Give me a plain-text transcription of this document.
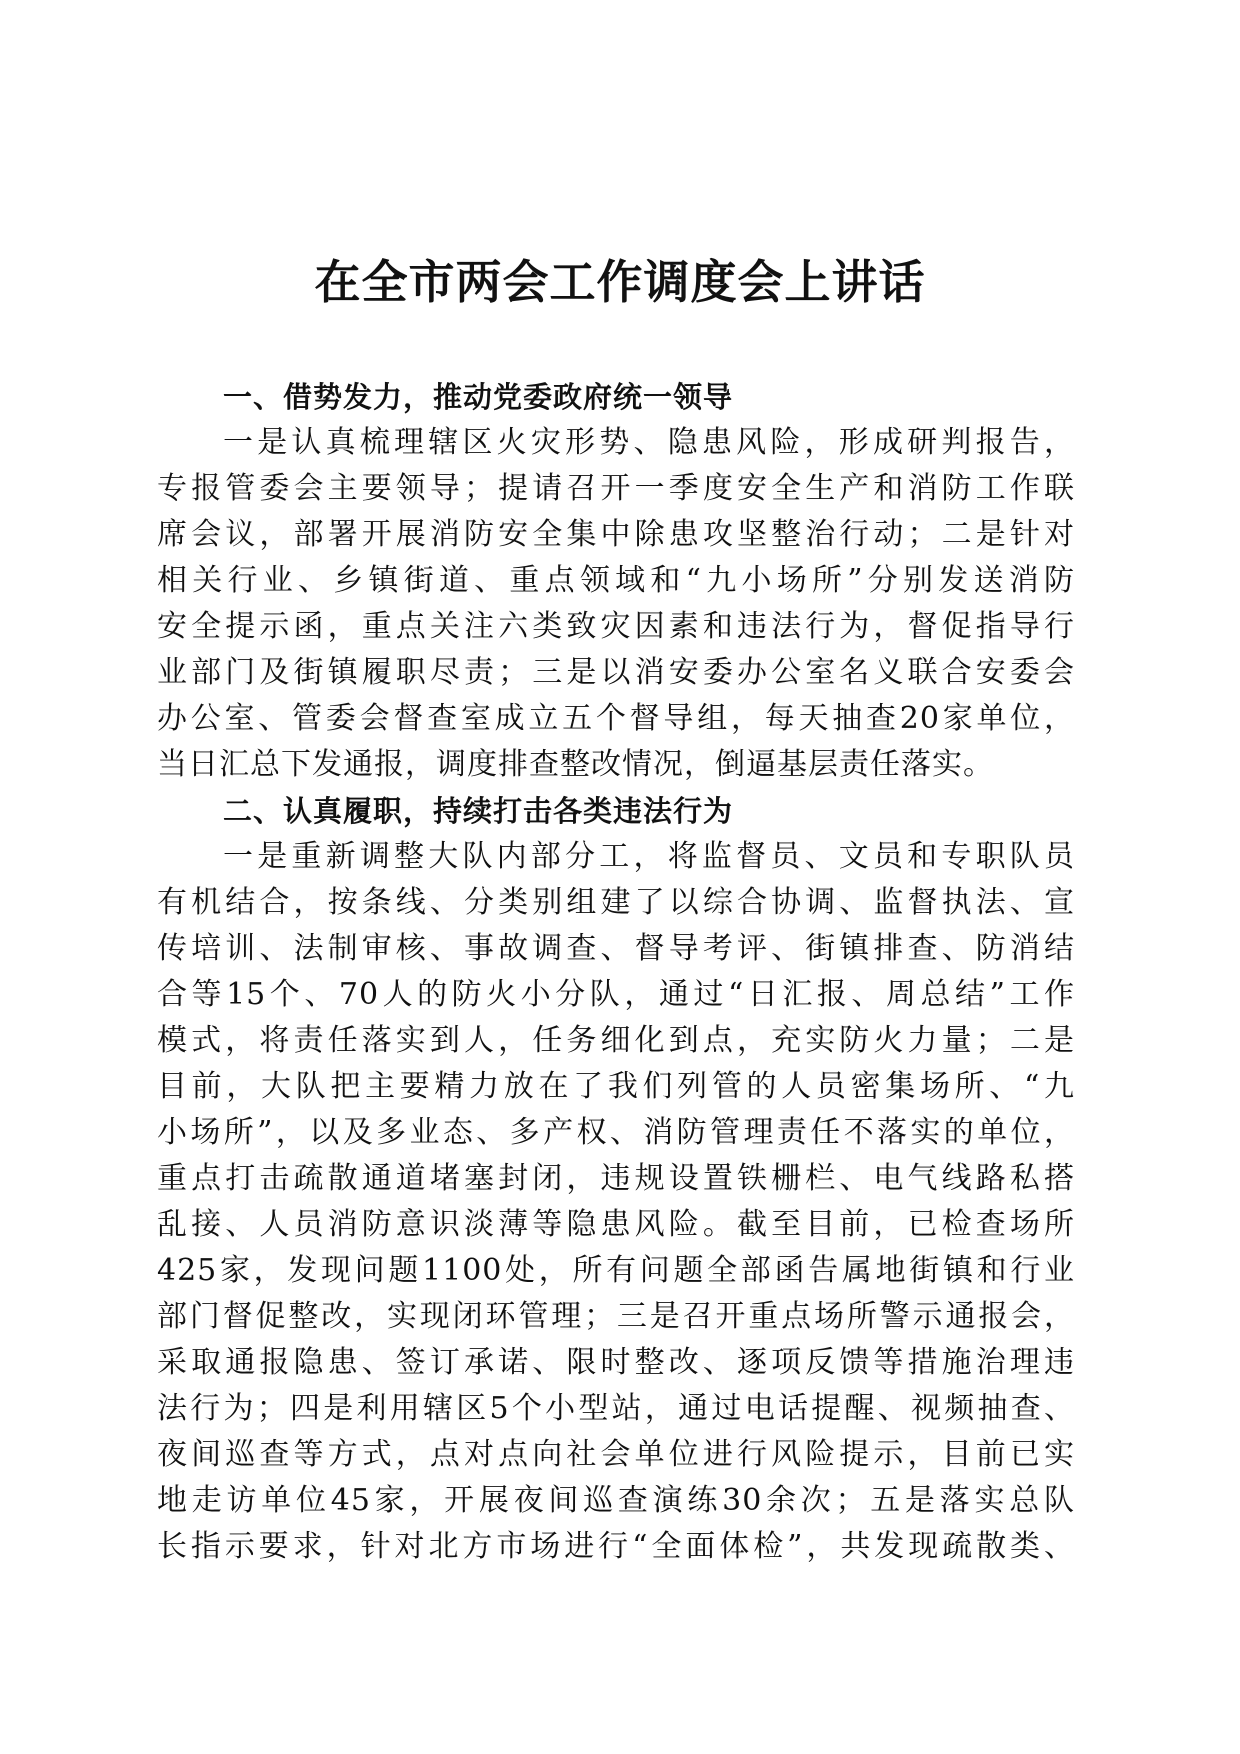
在全市两会工作调度会上讲话
一、借势发力，推动党委政府统一领导
一是认真梳理辖区火灾形势、隐患风险，形成研判报告，
专报管委会主要领导；提请召开一季度安全生产和消防工作联
席会议，部署开展消防安全集中除患攻坚整治行动；二是针对
相关行业、乡镇街道、重点领域和“九小场所”分别发送消防
安全提示函，重点关注六类致灾因素和违法行为，督促指导行
业部门及街镇履职尽责；三是以消安委办公室名义联合安委会
办公室、管委会督查室成立五个督导组，每天抽查20家单位，
当日汇总下发通报，调度排查整改情况，倒逼基层责任落实。
二、认真履职，持续打击各类违法行为
一是重新调整大队内部分工，将监督员、文员和专职队员
有机结合，按条线、分类别组建了以综合协调、监督执法、宣
传培训、法制审核、事故调查、督导考评、街镇排查、防消结
合等15个、70人的防火小分队，通过“日汇报、周总结”工作
模式，将责任落实到人，任务细化到点，充实防火力量；二是
目前，大队把主要精力放在了我们列管的人员密集场所、“九
小场所”，以及多业态、多产权、消防管理责任不落实的单位，
重点打击疏散通道堵塞封闭，违规设置铁栅栏、电气线路私搭
乱接、人员消防意识淡薄等隐患风险。截至目前，已检查场所
425家，发现问题1100处，所有问题全部函告属地街镇和行业
部门督促整改，实现闭环管理；三是召开重点场所警示通报会，
采取通报隐患、签订承诺、限时整改、逐项反馈等措施治理违
法行为；四是利用辖区5个小型站，通过电话提醒、视频抽查、
夜间巡查等方式，点对点向社会单位进行风险提示，目前已实
地走访单位45家，开展夜间巡查演练30余次；五是落实总队
长指示要求，针对北方市场进行“全面体检”，共发现疏散类、
